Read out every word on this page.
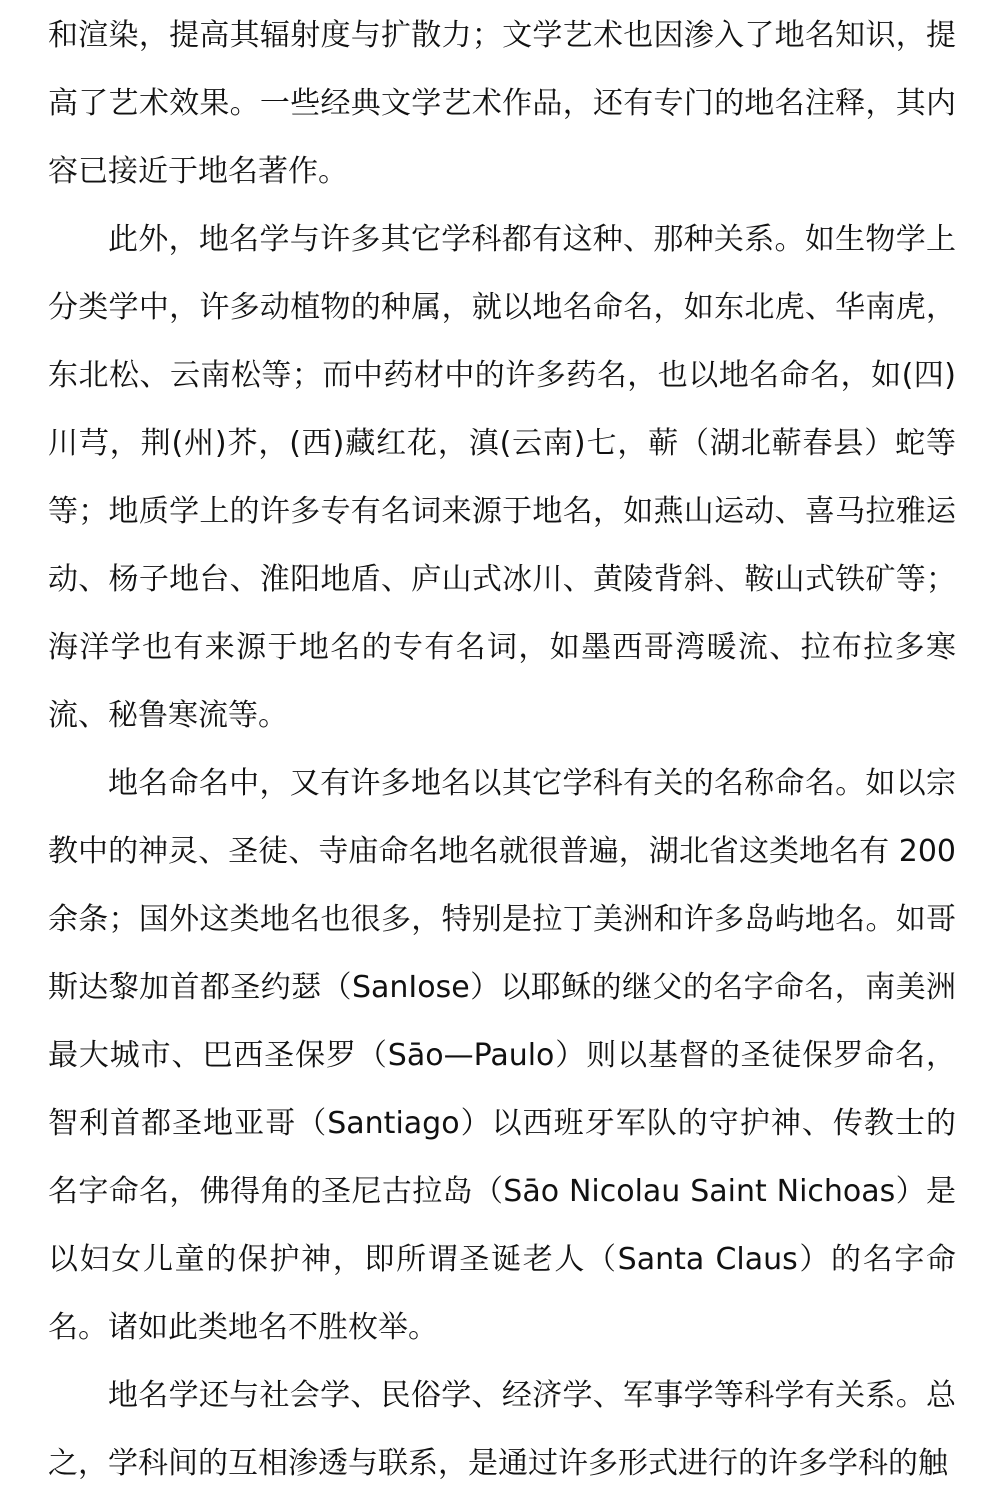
和渲染，提高其辐射度与扩散力；文学艺术也因渗入了地名知识，提高了艺术效果。一些经典文学艺术作品，还有专门的地名注释，其内容已接近于地名著作。

此外，地名学与许多其它学科都有这种、那种关系。如生物学上分类学中，许多动植物的种属，就以地名命名，如东北虎、华南虎，东北松、云南松等；而中药材中的许多药名，也以地名命名，如(四)川芎，荆(州)芥，(西)藏红花，滇(云南)七，蕲（湖北蕲春县）蛇等等；地质学上的许多专有名词来源于地名，如燕山运动、喜马拉雅运动、杨子地台、淮阳地盾、庐山式冰川、黄陵背斜、鞍山式铁矿等；海洋学也有来源于地名的专有名词，如墨西哥湾暖流、拉布拉多寒流、秘鲁寒流等。

地名命名中，又有许多地名以其它学科有关的名称命名。如以宗教中的神灵、圣徒、寺庙命名地名就很普遍，湖北省这类地名有 200 余条；国外这类地名也很多，特别是拉丁美洲和许多岛屿地名。如哥斯达黎加首都圣约瑟（SanIose）以耶稣的继父的名字命名，南美洲最大城市、巴西圣保罗（Sāo—Paulo）则以基督的圣徒保罗命名，智利首都圣地亚哥（Santiago）以西班牙军队的守护神、传教士的名字命名，佛得角的圣尼古拉岛（Sāo Nicolau Saint Nichoas）是以妇女儿童的保护神，即所谓圣诞老人（Santa Claus）的名字命名。诸如此类地名不胜枚举。

地名学还与社会学、民俗学、经济学、军事学等科学有关系。总之，学科间的互相渗透与联系，是通过许多形式进行的许多学科的触
